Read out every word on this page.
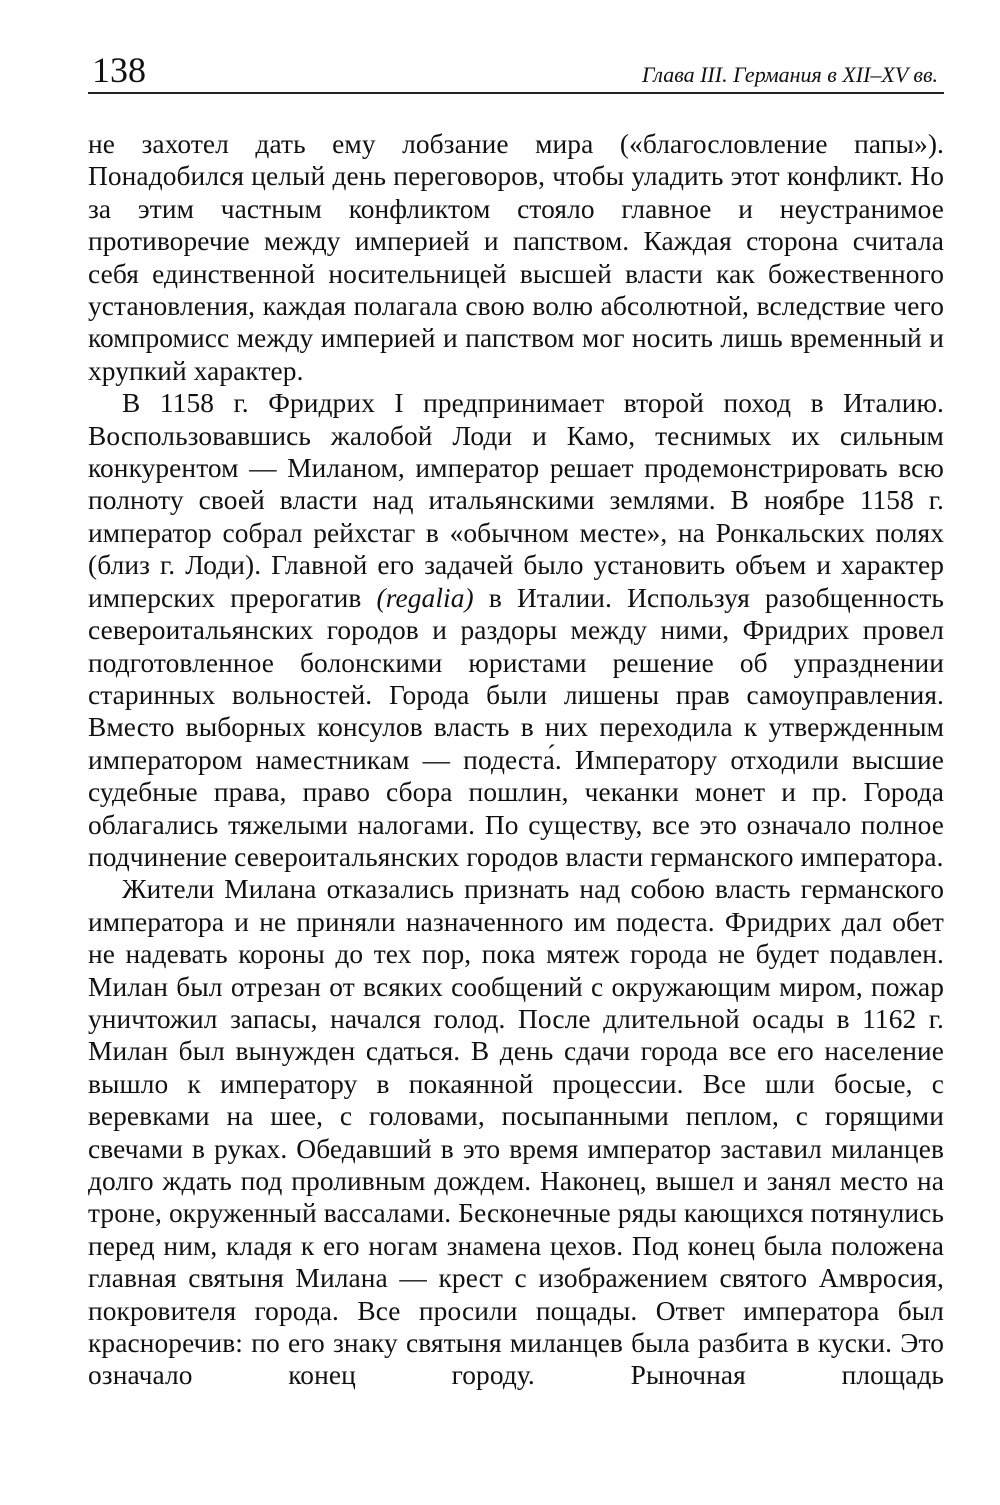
138	Глава III. Германия в XII–XV вв.

не захотел дать ему лобзание мира («благословление папы»). Понадобился целый день переговоров, чтобы уладить этот конфликт. Но за этим частным конфликтом стояло главное и неустранимое противоречие между империей и папством. Каждая сторона считала себя единственной носительницей высшей власти как божественного установления, каждая полагала свою волю абсолютной, вследствие чего компромисс между империей и папством мог носить лишь временный и хрупкий характер.

В 1158 г. Фридрих I предпринимает второй поход в Италию. Воспользовавшись жалобой Лоди и Камо, теснимых их сильным конкурентом — Миланом, император решает продемонстрировать всю полноту своей власти над итальянскими землями. В ноябре 1158 г. император собрал рейхстаг в «обычном месте», на Ронкальских полях (близ г. Лоди). Главной его задачей было установить объем и характер имперских прерогатив (regalia) в Италии. Используя разобщенность североитальянских городов и раздоры между ними, Фридрих провел подготовленное болонскими юристами решение об упразднении старинных вольностей. Города были лишены прав самоуправления. Вместо выборных консулов власть в них переходила к утвержденным императором наместникам — подеста́. Императору отходили высшие судебные права, право сбора пошлин, чеканки монет и пр. Города облагались тяжелыми налогами. По существу, все это означало полное подчинение североитальянских городов власти германского императора.

Жители Милана отказались признать над собою власть германского императора и не приняли назначенного им подеста. Фридрих дал обет не надевать короны до тех пор, пока мятеж города не будет подавлен. Милан был отрезан от всяких сообщений с окружающим миром, пожар уничтожил запасы, начался голод. После длительной осады в 1162 г. Милан был вынужден сдаться. В день сдачи города все его население вышло к императору в покаянной процессии. Все шли босые, с веревками на шее, с головами, посыпанными пеплом, с горящими свечами в руках. Обедавший в это время император заставил миланцев долго ждать под проливным дождем. Наконец, вышел и занял место на троне, окруженный вассалами. Бесконечные ряды кающихся потянулись перед ним, кладя к его ногам знамена цехов. Под конец была положена главная святыня Милана — крест с изображением святого Амвросия, покровителя города. Все просили пощады. Ответ императора был красноречив: по его знаку святыня миланцев была разбита в куски. Это означало конец городу. Рыночная площадь
